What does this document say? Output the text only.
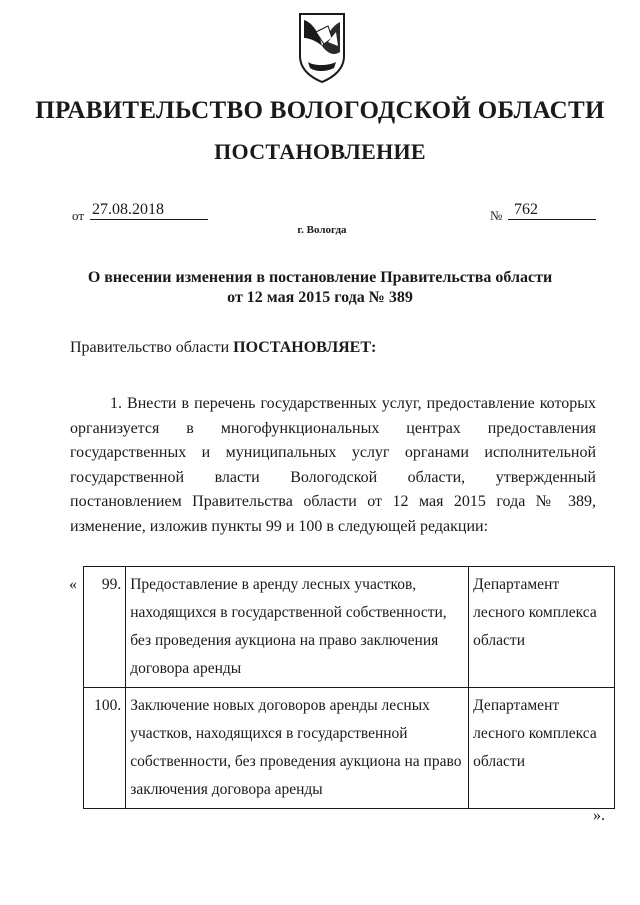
ПРАВИТЕЛЬСТВО ВОЛОГОДСКОЙ ОБЛАСТИ
ПОСТАНОВЛЕНИЕ
от 27.08.2018	№ 762
г. Вологда
О внесении изменения в постановление Правительства области
от 12 мая 2015 года № 389
Правительство области ПОСТАНОВЛЯЕТ:
1. Внести в перечень государственных услуг, предоставление которых организуется в многофункциональных центрах предоставления государственных и муниципальных услуг органами исполнительной государственной власти Вологодской области, утвержденный постановлением Правительства области от 12 мая 2015 года № 389, изменение, изложив пункты 99 и 100 в следующей редакции:
« 99.	Предоставление в аренду лесных участков, находящихся в государственной собственности, без проведения аукциона на право заключения договора аренды	Департамент лесного комплекса области
100.	Заключение новых договоров аренды лесных участков, находящихся в государственной собственности, без проведения аукциона на право заключения договора аренды	Департамент лесного комплекса области
».
